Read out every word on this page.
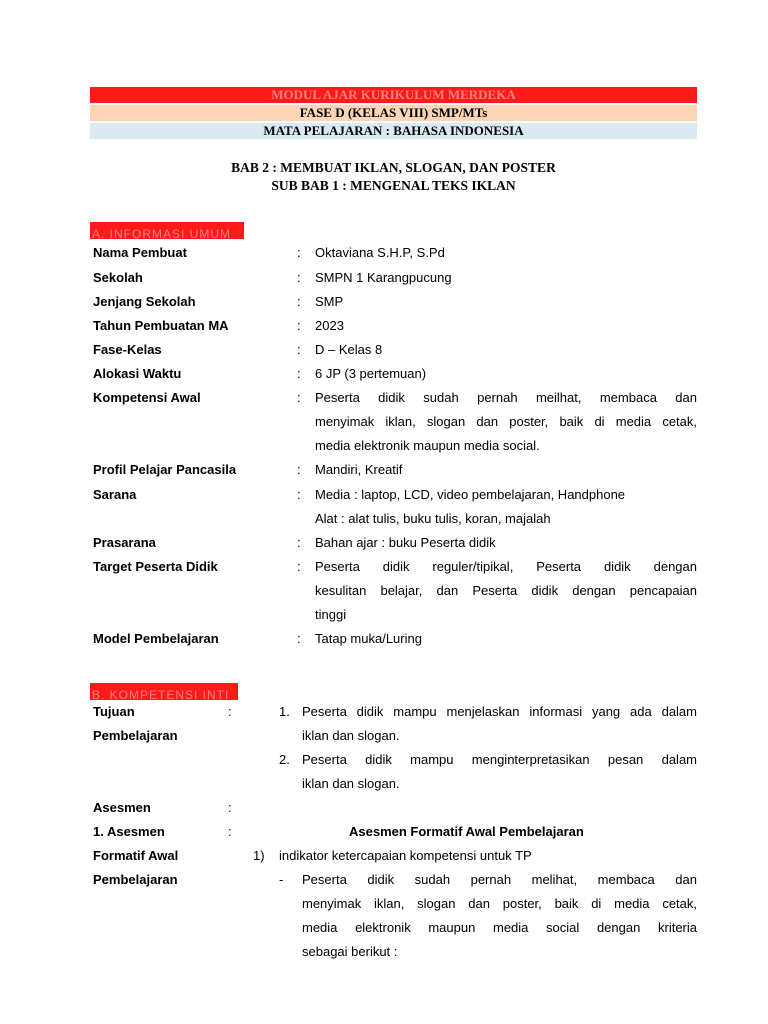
MODUL AJAR KURIKULUM MERDEKA
FASE D (KELAS VIII) SMP/MTs
MATA PELAJARAN : BAHASA INDONESIA
BAB 2 : MEMBUAT IKLAN, SLOGAN, DAN POSTER
SUB BAB 1 : MENGENAL TEKS IKLAN
A. INFORMASI UMUM
Nama Pembuat	: Oktaviana S.H.P, S.Pd
Sekolah	: SMPN 1 Karangpucung
Jenjang Sekolah	: SMP
Tahun Pembuatan MA	: 2023
Fase-Kelas	: D – Kelas 8
Alokasi Waktu	: 6 JP (3 pertemuan)
Kompetensi Awal	: Peserta didik sudah pernah meilhat, membaca dan
menyimak iklan, slogan dan poster, baik di media cetak,
media elektronik maupun media social.
Profil Pelajar Pancasila	: Mandiri, Kreatif
Sarana	: Media : laptop, LCD, video pembelajaran, Handphone
Alat : alat tulis, buku tulis, koran, majalah
Prasarana	: Bahan ajar : buku Peserta didik
Target Peserta Didik	: Peserta didik reguler/tipikal, Peserta didik dengan
kesulitan belajar, dan Peserta didik dengan pencapaian
tinggi
Model Pembelajaran	: Tatap muka/Luring
B. KOMPETENSI INTI
Tujuan
Pembelajaran
:	1. Peserta didik mampu menjelaskan informasi yang ada dalam
iklan dan slogan.
2. Peserta didik mampu menginterpretasikan pesan dalam
iklan dan slogan.
Asesmen	:
1. Asesmen	:	Asesmen Formatif Awal Pembelajaran
Formatif Awal	1) indikator ketercapaian kompetensi untuk TP
Pembelajaran	- Peserta didik sudah pernah melihat, membaca dan
menyimak iklan, slogan dan poster, baik di media cetak,
media elektronik maupun media social dengan kriteria
sebagai berikut :
